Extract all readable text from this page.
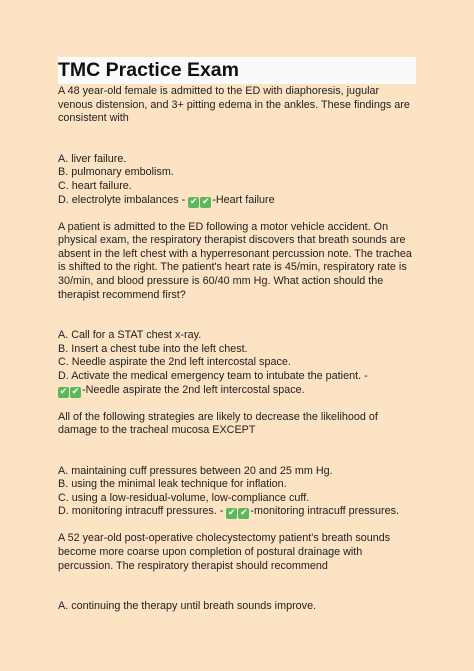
TMC Practice Exam

A 48 year-old female is admitted to the ED with diaphoresis, jugular venous distension, and 3+ pitting edema in the ankles. These findings are consistent with

A. liver failure.

B. pulmonary embolism.

C. heart failure.

D. electrolyte imbalances - ✔ ✔ -Heart failure

A patient is admitted to the ED following a motor vehicle accident. On physical exam, the respiratory therapist discovers that breath sounds are absent in the left chest with a hyperresonant percussion note. The trachea is shifted to the right. The patient's heart rate is 45/min, respiratory rate is 30/min, and blood pressure is 60/40 mm Hg. What action should the therapist recommend first?

A. Call for a STAT chest x-ray.

B. Insert a chest tube into the left chest.

C. Needle aspirate the 2nd left intercostal space.

D. Activate the medical emergency team to intubate the patient. -

✔ ✔ -Needle aspirate the 2nd left intercostal space.

All of the following strategies are likely to decrease the likelihood of damage to the tracheal mucosa EXCEPT

A. maintaining cuff pressures between 20 and 25 mm Hg.

B. using the minimal leak technique for inflation.

C. using a low-residual-volume, low-compliance cuff.

D. monitoring intracuff pressures. - ✔ ✔ -monitoring intracuff pressures.

A 52 year-old post-operative cholecystectomy patient's breath sounds become more coarse upon completion of postural drainage with percussion. The respiratory therapist should recommend

A. continuing the therapy until breath sounds improve.
